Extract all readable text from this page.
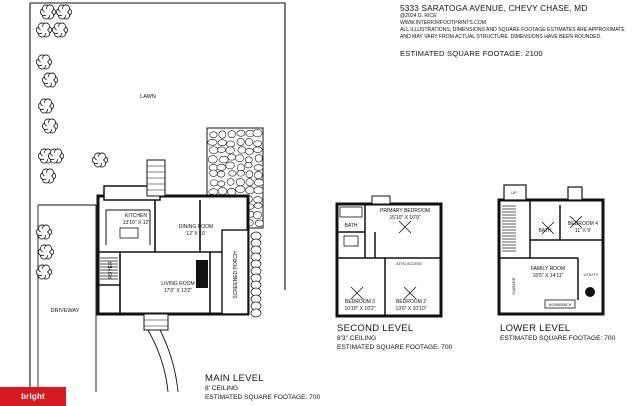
LAWN
DRIVEWAY
KITCHEN
13'10" X 12'
DINING ROOM
12' X 10'
LIVING ROOM
17'6" X 13'2"
FOYER	SCREENED PORCH
PRIMARY BEDROOM
15'10" X 10'9"
BATH
ATTIC ACCESS
BEDROOM 3
10'10" X 10'2"
BEDROOM 2
13'6" X 10'10"
BEDROOM 4
11' X 9'
BATH
FAMILY ROOM
16'5" X 14'11"	UTILITY
GARAGE
WORKBENCH
UP
5333 SARATOGA AVENUE, CHEVY CHASE, MD
@2024 D. RICE
WWW.INTERIORFOOTPRINTS.COM
ALL ILLUSTRATIONS, DIMENSIONS AND SQUARE FOOTAGE ESTIMATES ARE APPROXIMATE
AND MAY VARY FROM ACTUAL STRUCTURE. DIMENSIONS HAVE BEEN ROUNDED.
ESTIMATED SQUARE FOOTAGE: 2100
MAIN LEVEL
8' CEILING
ESTIMATED SQUARE FOOTAGE: 700
SECOND LEVEL
8'3" CEILING
ESTIMATED SQUARE FOOTAGE: 700
LOWER LEVEL
ESTIMATED SQUARE FOOTAGE: 700
bright
